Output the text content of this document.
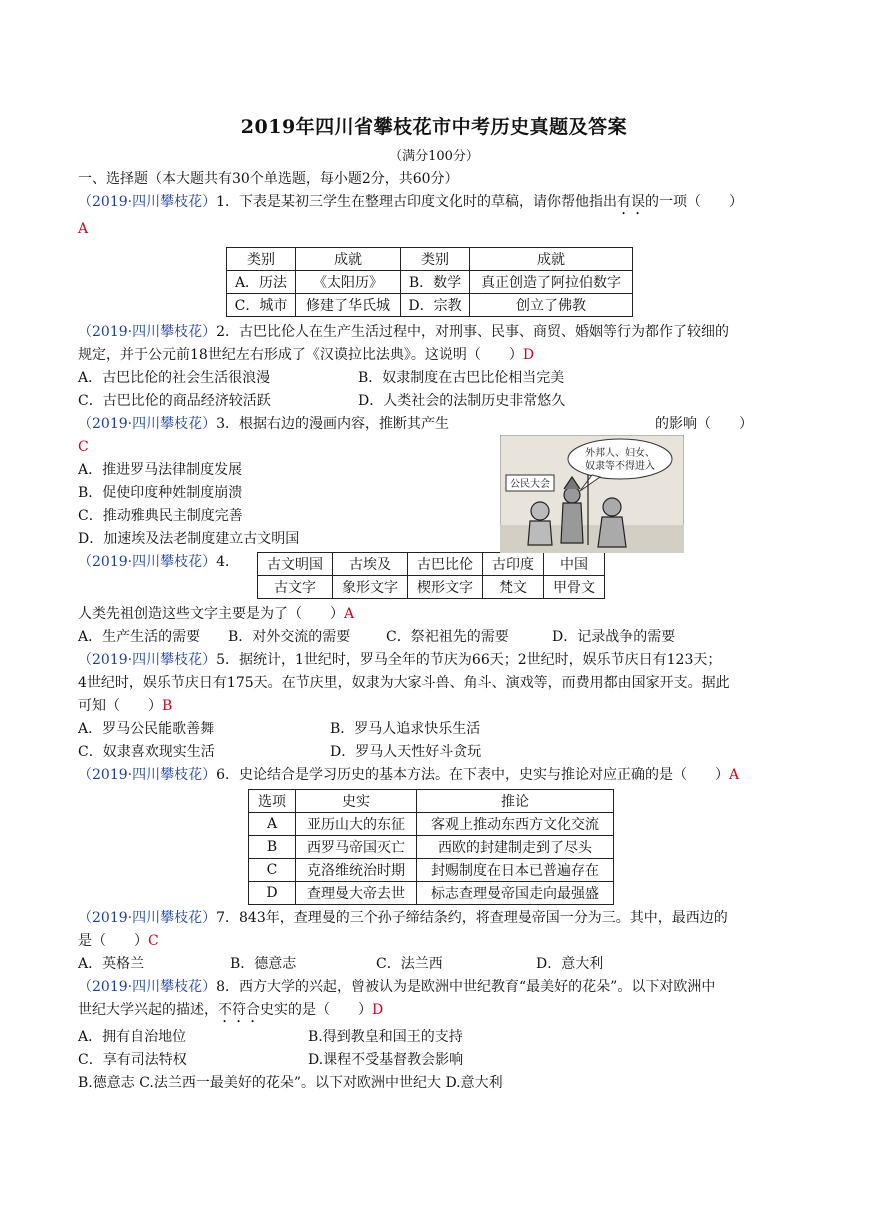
2019年四川省攀枝花市中考历史真题及答案
（满分100分）

一、选择题（本大题共有30个单选题，每小题2分，共60分）

（2019·四川攀枝花）1．下表是某初三学生在整理古印度文化时的草稿，请你帮他指出有误的一项（　　）

A

类别	成就	类别	成就
A．历法	《太阳历》	B．数学	真正创造了阿拉伯数字
C．城市	修建了华氏城	D．宗教	创立了佛教

（2019·四川攀枝花）2．古巴比伦人在生产生活过程中，对刑事、民事、商贸、婚姻等行为都作了较细的

规定，并于公元前18世纪左右形成了《汉谟拉比法典》。这说明（　　）D

A．古巴比伦的社会生活很浪漫	B．奴隶制度在古巴比伦相当完美
C．古巴比伦的商品经济较活跃	D．人类社会的法制历史非常悠久

（2019·四川攀枝花）3．根据右边的漫画内容，推断其产生	的影响（　　）

C

A．推进罗马法律制度发展

B．促使印度种姓制度崩溃

C．推动雅典民主制度完善

D．加速埃及法老制度建立古文明国

外邦人、妇女、
奴隶等不得进入
公民大会

（2019·四川攀枝花）4．	古文明国	古埃及	古巴比伦	古印度	中国
古文字	象形文字	楔形文字	梵文	甲骨文

人类先祖创造这些文字主要是为了（　　）A

A．生产生活的需要	B．对外交流的需要	C．祭祀祖先的需要	D．记录战争的需要

（2019·四川攀枝花）5．据统计，1世纪时，罗马全年的节庆为66天；2世纪时，娱乐节庆日有123天；

4世纪时，娱乐节庆日有175天。在节庆里，奴隶为大家斗兽、角斗、演戏等，而费用都由国家开支。据此

可知（　　）B

A．罗马公民能歌善舞	B．罗马人追求快乐生活
C．奴隶喜欢现实生活	D．罗马人天性好斗贪玩

（2019·四川攀枝花）6．史论结合是学习历史的基本方法。在下表中，史实与推论对应正确的是（　　）A

选项	史实	推论
A	亚历山大的东征	客观上推动东西方文化交流
B	西罗马帝国灭亡	西欧的封建制走到了尽头
C	克洛维统治时期	封赐制度在日本已普遍存在
D	查理曼大帝去世	标志查理曼帝国走向最强盛

（2019·四川攀枝花）7．843年，查理曼的三个孙子缔结条约，将查理曼帝国一分为三。其中，最西边的

是（　　）C

A．英格兰	B．德意志	C．法兰西	D．意大利

（2019·四川攀枝花）8．西方大学的兴起，曾被认为是欧洲中世纪教育“最美好的花朵”。以下对欧洲中

世纪大学兴起的描述，不符合史实的是（　　）D

A．拥有自治地位	B.得到教皇和国王的支持
C．享有司法特权	D.课程不受基督教会影响

B.德意志 C.法兰西一最美好的花朵”。以下对欧洲中世纪大 D.意大利
